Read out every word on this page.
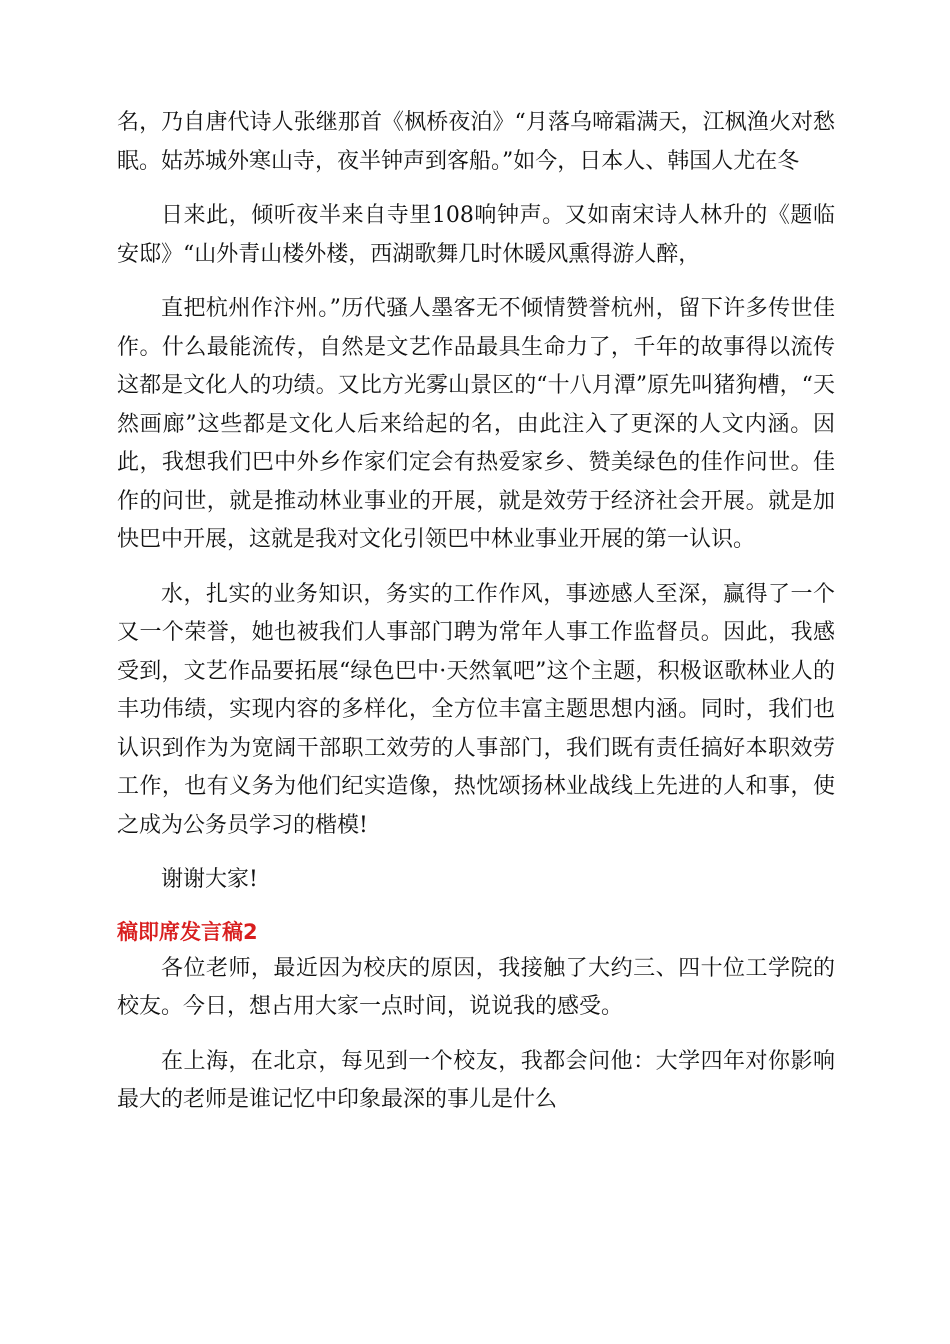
名，乃自唐代诗人张继那首《枫桥夜泊》“月落乌啼霜满天，江枫渔火对愁眠。姑苏城外寒山寺，夜半钟声到客船。”如今，日本人、韩国人尤在冬

日来此，倾听夜半来自寺里108响钟声。又如南宋诗人林升的《题临安邸》“山外青山楼外楼，西湖歌舞几时休暖风熏得游人醉，

直把杭州作汴州。”历代骚人墨客无不倾情赞誉杭州，留下许多传世佳作。什么最能流传，自然是文艺作品最具生命力了，千年的故事得以流传这都是文化人的功绩。又比方光雾山景区的“十八月潭”原先叫猪狗槽，“天然画廊”这些都是文化人后来给起的名，由此注入了更深的人文内涵。因此，我想我们巴中外乡作家们定会有热爱家乡、赞美绿色的佳作问世。佳作的问世，就是推动林业事业的开展，就是效劳于经济社会开展。就是加快巴中开展，这就是我对文化引领巴中林业事业开展的第一认识。

水，扎实的业务知识，务实的工作作风，事迹感人至深，赢得了一个又一个荣誉，她也被我们人事部门聘为常年人事工作监督员。因此，我感受到，文艺作品要拓展“绿色巴中·天然氧吧”这个主题，积极讴歌林业人的丰功伟绩，实现内容的多样化，全方位丰富主题思想内涵。同时，我们也认识到作为为宽阔干部职工效劳的人事部门，我们既有责任搞好本职效劳工作，也有义务为他们纪实造像，热忱颂扬林业战线上先进的人和事，使之成为公务员学习的楷模!

谢谢大家!

稿即席发言稿2

各位老师，最近因为校庆的原因，我接触了大约三、四十位工学院的校友。今日，想占用大家一点时间，说说我的感受。

在上海，在北京，每见到一个校友，我都会问他：大学四年对你影响最大的老师是谁记忆中印象最深的事儿是什么
